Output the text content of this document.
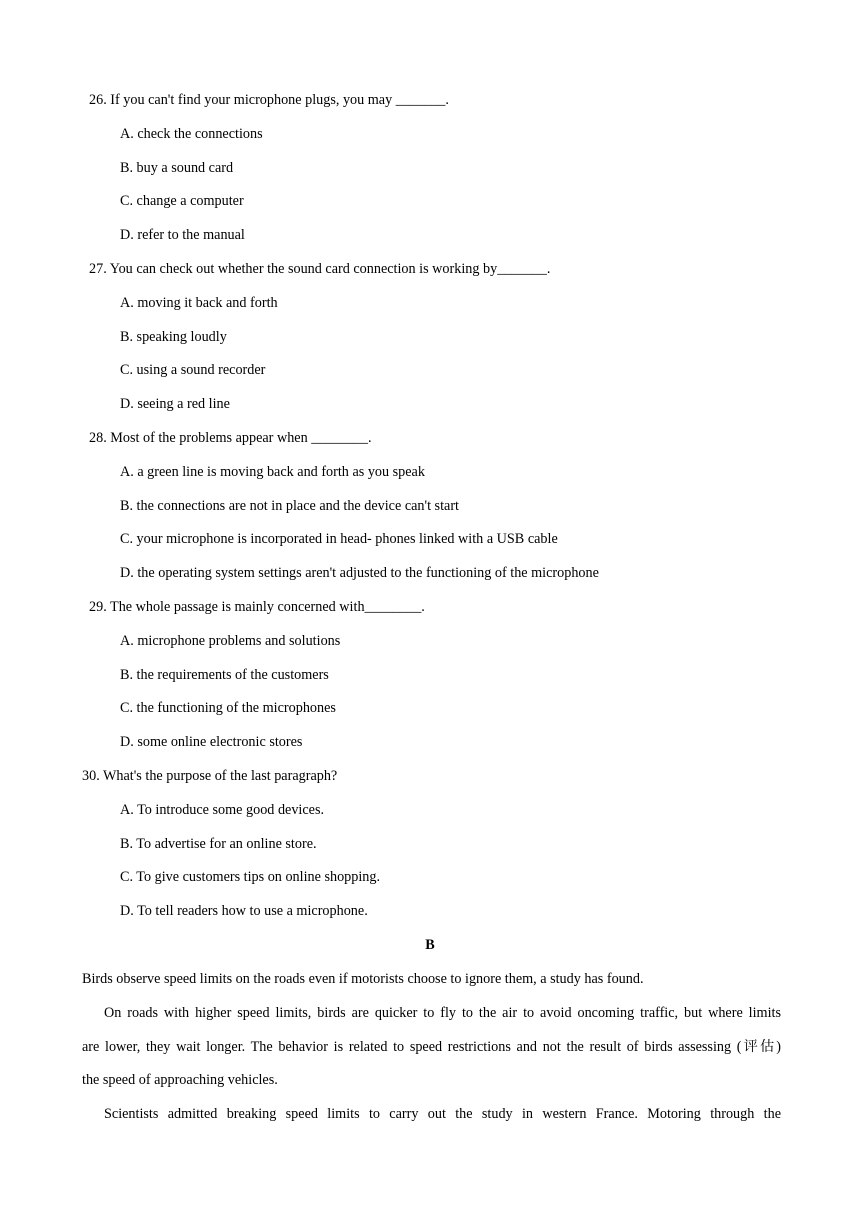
26. If you can't find your microphone plugs, you may _______.
A. check the connections
B. buy a sound card
C. change a computer
D. refer to the manual
27. You can check out whether the sound card connection is working by_______.
A. moving it back and forth
B. speaking loudly
C. using a sound recorder
D. seeing a red line
28. Most of the problems appear when ________.
A. a green line is moving back and forth as you speak
B. the connections are not in place and the device can't start
C. your microphone is incorporated in head- phones linked with a USB cable
D. the operating system settings aren't adjusted to the functioning of the microphone
29. The whole passage is mainly concerned with________.
A. microphone problems and solutions
B. the requirements of the customers
C. the functioning of the microphones
D. some online electronic stores
30. What's the purpose of the last paragraph?
A. To introduce some good devices.
B. To advertise for an online store.
C. To give customers tips on online shopping.
D. To tell readers how to use a microphone.
B
Birds observe speed limits on the roads even if motorists choose to ignore them, a study has found.
On roads with higher speed limits, birds are quicker to fly to the air to avoid oncoming traffic, but where limits
are lower, they wait longer. The behavior is related to speed restrictions and not the result of birds assessing (评估)
the speed of approaching vehicles.
Scientists admitted breaking speed limits to carry out the study in western France. Motoring through the
